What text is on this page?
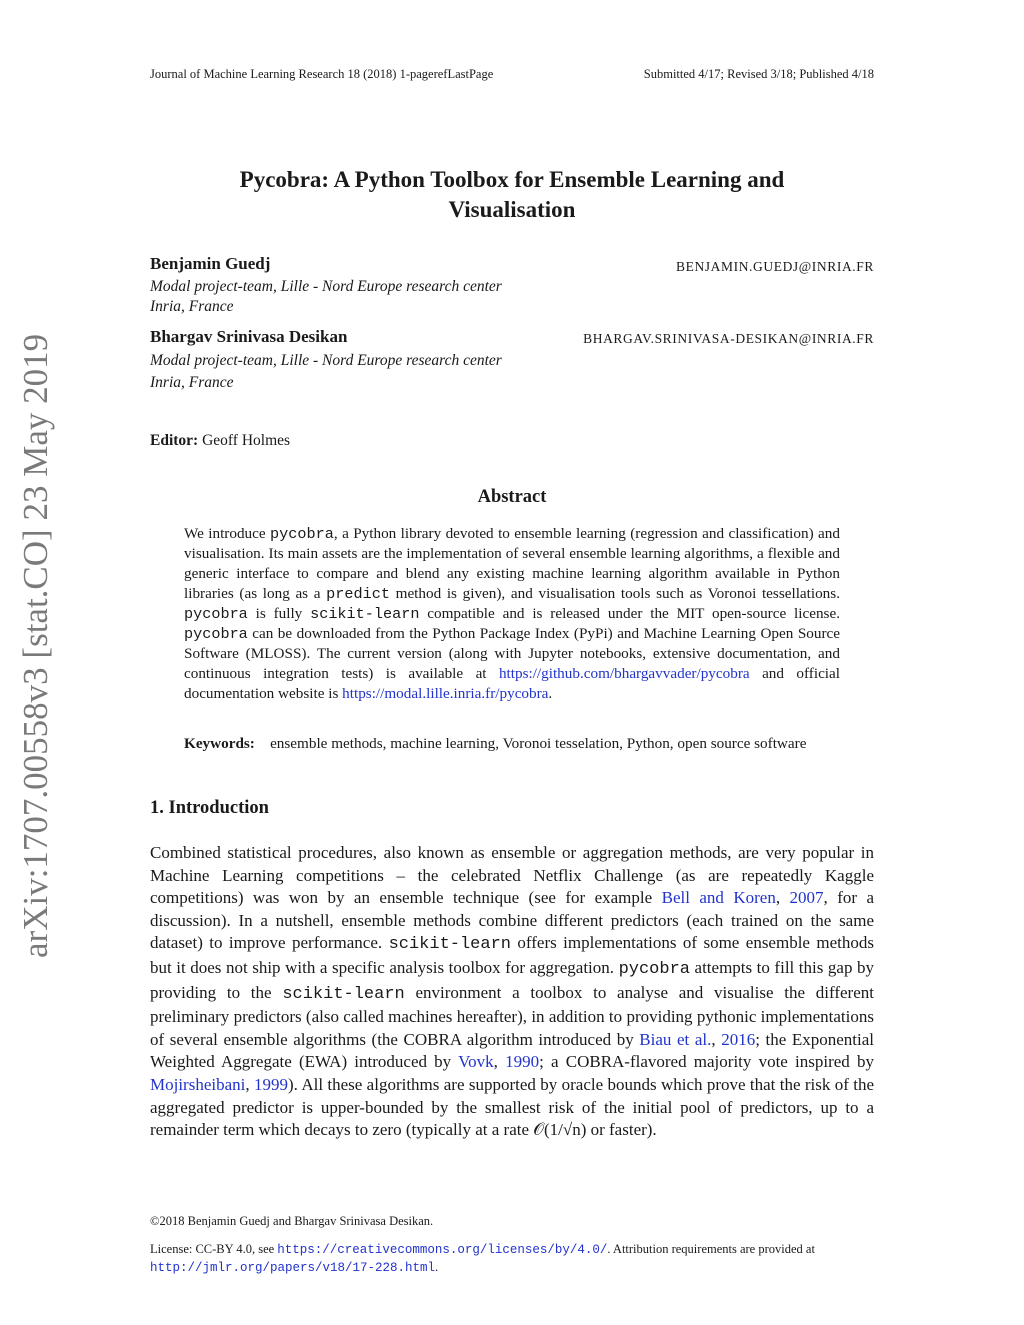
Journal of Machine Learning Research 18 (2018) 1-pagerefLastPage	Submitted 4/17; Revised 3/18; Published 4/18
arXiv:1707.00558v3 [stat.CO] 23 May 2019
Pycobra: A Python Toolbox for Ensemble Learning and
Visualisation
Benjamin Guedj	BENJAMIN.GUEDJ@INRIA.FR
Modal project-team, Lille - Nord Europe research center
Inria, France
Bhargav Srinivasa Desikan	BHARGAV.SRINIVASA-DESIKAN@INRIA.FR
Modal project-team, Lille - Nord Europe research center
Inria, France
Editor: Geoff Holmes
Abstract
We introduce pycobra, a Python library devoted to ensemble learning (regression and classification) and visualisation. Its main assets are the implementation of several ensemble learning algorithms, a flexible and generic interface to compare and blend any existing machine learning algorithm available in Python libraries (as long as a predict method is given), and visualisation tools such as Voronoi tessellations. pycobra is fully scikit-learn compatible and is released under the MIT open-source license. pycobra can be downloaded from the Python Package Index (PyPi) and Machine Learning Open Source Software (MLOSS). The current version (along with Jupyter notebooks, extensive documentation, and continuous integration tests) is available at https://github.com/bhargavvader/pycobra and official documentation website is https://modal.lille.inria.fr/pycobra.
Keywords: ensemble methods, machine learning, Voronoi tesselation, Python, open source software
1. Introduction
Combined statistical procedures, also known as ensemble or aggregation methods, are very popular in Machine Learning competitions – the celebrated Netflix Challenge (as are repeatedly Kaggle competitions) was won by an ensemble technique (see for example Bell and Koren, 2007, for a discussion). In a nutshell, ensemble methods combine different predictors (each trained on the same dataset) to improve performance. scikit-learn offers implementations of some ensemble methods but it does not ship with a specific analysis toolbox for aggregation. pycobra attempts to fill this gap by providing to the scikit-learn environment a toolbox to analyse and visualise the different preliminary predictors (also called machines hereafter), in addition to providing pythonic implementations of several ensemble algorithms (the COBRA algorithm introduced by Biau et al., 2016; the Exponential Weighted Aggregate (EWA) introduced by Vovk, 1990; a COBRA-flavored majority vote inspired by Mojirsheibani, 1999). All these algorithms are supported by oracle bounds which prove that the risk of the aggregated predictor is upper-bounded by the smallest risk of the initial pool of predictors, up to a remainder term which decays to zero (typically at a rate 𝒪(1/√n) or faster).

©2018 Benjamin Guedj and Bhargav Srinivasa Desikan.

License: CC-BY 4.0, see https://creativecommons.org/licenses/by/4.0/. Attribution requirements are provided at http://jmlr.org/papers/v18/17-228.html.
